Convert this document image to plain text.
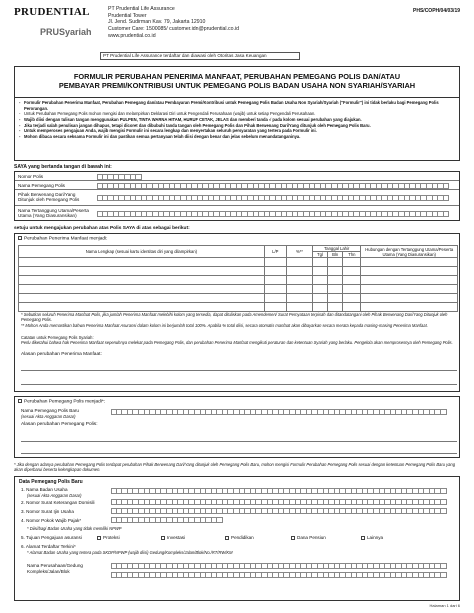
PRUDENTIAL
PRUSyariah
PT Prudential Life Assurance
Prudential Tower
Jl. Jend. Sudirman Kav. 79, Jakarta 12910
Customer Care: 1500085/ customer.idn@prudential.co.id
www.prudential.co.id
PT Prudential Life Assurance terdaftar dan diawasi oleh Otoritas Jasa Keuangan
PHS/COPH/04/03/19
FORMULIR PERUBAHAN PENERIMA MANFAAT, PERUBAHAN PEMEGANG POLIS DAN/ATAU
PEMBAYAR PREMI/KONTRIBUSI UNTUK PEMEGANG POLIS BADAN USAHA NON SYARIAH/SYARIAH

- Formulir Perubahan Penerima Manfaat, Perubahan Pemegang dan/atau Pembayaran Premi/Kontribusi untuk Pemegang Polis Badan Usaha Non Syariah/Syariah ("Formulir") ini tidak berlaku bagi Pemegang Polis Perorangan.

- Untuk Perubahan Pemegang Polis mohon mengisi dan melampirkan Deklarasi Diri untuk Pengendali Perusahaan (wajib) untuk setiap Pengendali Perusahaan.

- Wajib diisi dengan tulisan tangan menggunakan PULPEN, TINTA WARNA HITAM, HURUF CETAK, JELAS dan memberi tanda √ pada kolom sesuai perubahan yang diajukan.

- Jika terjadi salah penulisan jangan dihapus, tetapi dicoret dan dibubuhi tanda tangan oleh Pemegang Polis dan Pihak Berwenang Dari/Yang ditunjuk oleh Pemegang Polis Baru.

- Untuk memperoses pengajuan Anda, wajib mengisi Formulir ini secara lengkap dan menyertakan seluruh persyaratan yang tertera pada Formulir ini.

- Mohon dibaca secara seksama Formulir ini dan pastikan semua pertanyaan telah diisi dengan benar dan jelas sebelum menandatanganinya.

SAYA yang bertanda tangan di bawah ini:
Nomor Polis
Nama Pemegang Polis
Pihak Berwenang Dari/Yang Ditunjuk oleh Pemegang Polis
Nama Tertanggung Utama/Peserta Utama (Yang Diasuransikan)
setuju untuk mengajukan perubahan atas Polis SAYA di atas sebagai berikut:
Perubahan Penerima Manfaat menjadi:
Nama Lengkap (sesuai kartu identitas diri yang dilampirkan)	L/P	%**	Tanggal Lahir			Hubungan dengan Tertanggung Utama/Peserta Utama (Yang Diasuransikan)
			Tgl	Bln	Thn	

* Sebutkan seluruh Penerima Manfaat Polis, jika jumlah Penerima Manfaat melebihi kolom yang tersedia, dapat dituliskan pada Amendemen/ Surat Pernyataan terpisah dan ditandatangani oleh Pihak Berwenang Dari/Yang Ditunjuk oleh Pemegang Polis.
** Mohon Anda memastikan bahwa Penerima Manfaat Asuransi dalam kolom ini berjumlah total 100%. Apabila % total diisi, secara otomatis manfaat akan dibayarkan secara merata kepada masing-masing Penerima Manfaat.
Catatan untuk Pemegang Polis Syariah:
Perlu diketahui bahwa hak Penerima Manfaat sepenuhnya melekat pada Pemegang Polis, dan perubahan Penerima Manfaat mengikuti peraturan dan ketentuan Syariah yang berlaku. Pengelola akan memprosesnya oleh Pemegang Polis.
Alasan perubahan Penerima Manfaat:
Perubahan Pemegang Polis menjadi*:
Nama Pemegang Polis Baru
(sesuai Akta Anggaran Dasar)
Alasan perubahan Pemegang Polis:
* Jika dengan adanya perubahan Pemegang Polis terdapat perubahan Pihak Berwenang Dari/Yang ditunjuk oleh Pemegang Polis Baru, mohon mengisi Formulir Perubahan Pemegang Polis sesuai dengan ketentuan Pemegang Polis Baru yang akan diperbarui beserta kelengkapan dokumen.
Data Pemegang Polis Baru
1. Nama Badan Usaha
(sesuai Akta Anggaran Dasar)
2. Nomor Surat Keterangan Domisili
3. Nomor Surat Ijin Usaha
4. Nomor Pokok Wajib Pajak*
* Diisi/bagi Badan Usaha yang tidak memiliki NPWP
5. Tujuan Pengajuan asuransi	Proteksi	Investasi	Pendidikan	Dana Pensiun	Lainnya
6. Alamat Terdaftar Terkini*
* Alamat Badan Usaha yang tertera pada SKDP/NPWP (wajib diisi) Gedung/Kompleks/Jalan/Blok/No./RT/RW/KM
Nama Perusahaan/Gedung Kompleks/Jalan/Blok
Halaman 1 dari 6
